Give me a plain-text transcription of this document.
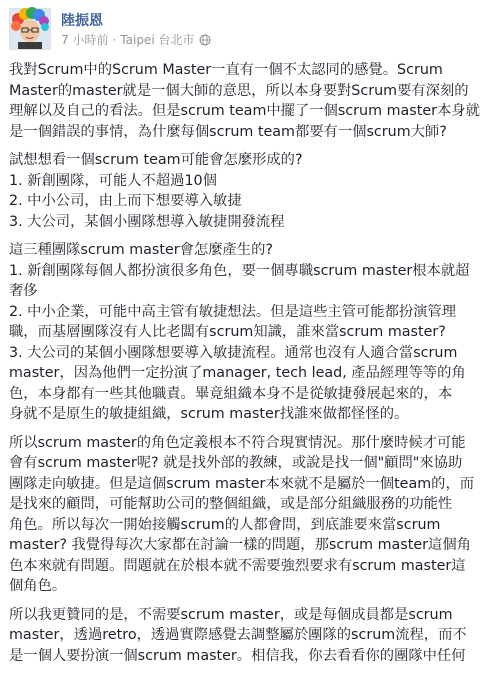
陸振恩
7 小時前 · Taipei 台北市
我對Scrum中的Scrum Master一直有一個不太認同的感覺。Scrum
Master的master就是一個大師的意思，所以本身要對Scrum要有深刻的
理解以及自己的看法。但是scrum team中擺了一個scrum master本身就
是一個錯誤的事情，為什麼每個scrum team都要有一個scrum大師?
試想想看一個scrum team可能會怎麼形成的?
1. 新創團隊，可能人不超過10個
2. 中小公司，由上而下想要導入敏捷
3. 大公司，某個小團隊想導入敏捷開發流程
這三種團隊scrum master會怎麼產生的?
1. 新創團隊每個人都扮演很多角色，要一個專職scrum master根本就超
奢侈
2. 中小企業，可能中高主管有敏捷想法。但是這些主管可能都扮演管理
職，而基層團隊沒有人比老闆有scrum知識，誰來當scrum master?
3. 大公司的某個小團隊想要導入敏捷流程。通常也沒有人適合當scrum
master，因為他們一定扮演了manager, tech lead, 產品經理等等的角
色，本身都有一些其他職責。畢竟組織本身不是從敏捷發展起來的，本
身就不是原生的敏捷組織，scrum master找誰來做都怪怪的。
所以scrum master的角色定義根本不符合現實情況。那什麼時候才可能
會有scrum master呢? 就是找外部的教練，或說是找一個"顧問"來協助
團隊走向敏捷。但是這個scrum master本來就不是屬於一個team的，而
是找來的顧問，可能幫助公司的整個組織，或是部分組織服務的功能性
角色。所以每次一開始接觸scrum的人都會問，到底誰要來當scrum
master? 我覺得每次大家都在討論一樣的問題，那scrum master這個角
色本來就有問題。問題就在於根本就不需要強烈要求有scrum master這
個角色。
所以我更贊同的是，不需要scrum master，或是每個成員都是scrum
master，透過retro，透過實際感覺去調整屬於團隊的scrum流程，而不
是一個人要扮演一個scrum master。相信我，你去看看你的團隊中任何
